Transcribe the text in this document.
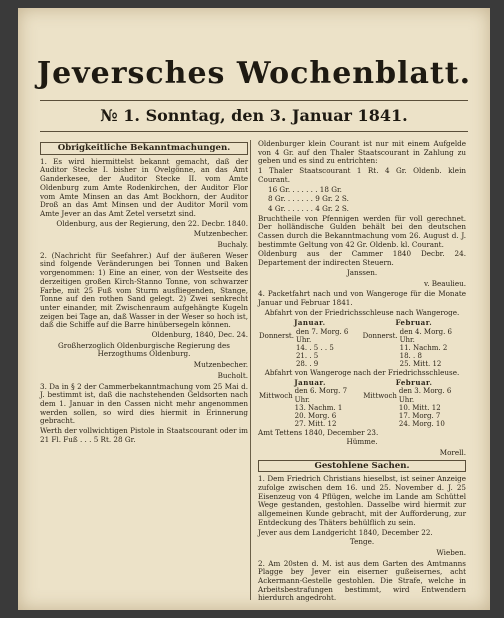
Jeversches Wochenblatt.
№ 1. Sonntag, den 3. Januar 1841.
Obrigkeitliche Bekanntmachungen.

1. Es wird hiermittelst bekannt gemacht, daß der Auditor Stecke I. bisher in Ovelgönne, an das Amt Ganderkesee, der Auditor Stecke II. vom Amte Oldenburg zum Amte Rodenkirchen, der Auditor Flor vom Amte Minsen an das Amt Bockhorn, der Auditor Droß an das Amt Minsen und der Auditor Moril vom Amte Jever an das Amt Zetel versetzt sind.

Oldenburg, aus der Regierung, den 22. Decbr. 1840.

Mutzenbecher.

Buchaly.

2. (Nachricht für Seefahrer.) Auf der äußeren Weser sind folgende Veränderungen bei Tonnen und Baken vorgenommen: 1) Eine an einer, von der Westseite des derzeitigen großen Kirch-Stanno Tonne, von schwarzer Farbe, mit 25 Fuß vom Sturm ausfliegenden, Stange, Tonne auf den rothen Sand gelegt. 2) Zwei senkrecht unter einander, mit Zwischenraum aufgehängte Kugeln zeigen bei Tage an, daß Wasser in der Weser so hoch ist, daß die Schiffe auf die Barre hinübersegeln können.

Oldenburg, 1840, Dec. 24.

Großherzoglich Oldenburgische Regierung des Herzogthums Oldenburg.

Mutzenbecher.

Bucholt.

3. Da in § 2 der Cammerbekanntmachung vom 25 Mai d. J. bestimmt ist, daß die nachstehenden Geldsorten nach dem 1. Januar in den Cassen nicht mehr angenommen werden sollen, so wird dies hiermit in Erinnerung gebracht.

Werth der vollwichtigen Pistole in Staatscourant oder im 21 Fl. Fuß . . . 5 Rt. 28 Gr.

Oldenburger klein Courant ist nur mit einem Aufgelde von 4 Gr. auf den Thaler Staatscourant in Zahlung zu geben und es sind zu entrichten:

1 Thaler Staatscourant 1 Rt. 4 Gr. Oldenb. klein Courant.

16 Gr. . . . . . . 18 Gr.

8 Gr. . . . . . . 9 Gr. 2 S.

4 Gr. . . . . . . 4 Gr. 2 S.

Bruchtheile von Pfennigen werden für voll gerechnet. Der holländische Gulden behält bei den deutschen Cassen durch die Bekanntmachung vom 26. August d. J. bestimmte Geltung von 42 Gr. Oldenb. kl. Courant.

Oldenburg aus der Cammer 1840 Decbr. 24. Departement der indirecten Steuern.

Janssen.

v. Beaulieu.

4. Packetfahrt nach und von Wangeroge für die Monate Januar und Februar 1841.

Abfahrt von der Friedrichsschleuse nach Wangeroge.

Januar.		Februar.	
Donnerst.	den 7. Morg. 6 Uhr.	Donnerst.	den 4. Morg. 6 Uhr.
	14. . 5 . . 5		11. Nachm. 2
	21. . 5		18. . 8
	28. . 9		25. Mitt. 12

Abfahrt von Wangeroge nach der Friedrichsschleuse.

Januar.		Februar.	
Mittwoch	den 6. Morg. 7 Uhr.	Mittwoch	den 3. Morg. 6 Uhr.
	13. Nachm. 1		10. Mitt. 12
	20. Morg. 6		17. Morg. 7
	27. Mitt. 12		24. Morg. 10

Amt Tettens 1840, December 23.

Hümme.

Morell.

Gestohlene Sachen.

1. Dem Friedrich Christians hieselbst, ist seiner Anzeige zufolge zwischen dem 16. und 25. November d. J. 25 Eisenzeug von 4 Pflügen, welche im Lande am Schüttel Wege gestanden, gestohlen. Dasselbe wird hiermit zur allgemeinen Kunde gebracht, mit der Aufforderung, zur Entdeckung des Thäters behülflich zu sein.

Jever aus dem Landgericht 1840, December 22.

Tenge.

Wieben.

2. Am 20sten d. M. ist aus dem Garten des Amtmanns Plagge bey Jever ein eiserner gußeisernes, acht Ackermann-Gestelle gestohlen. Die Strafe, welche in Arbeitsbestrafungen bestimmt, wird Entwendern hierdurch angedroht.
